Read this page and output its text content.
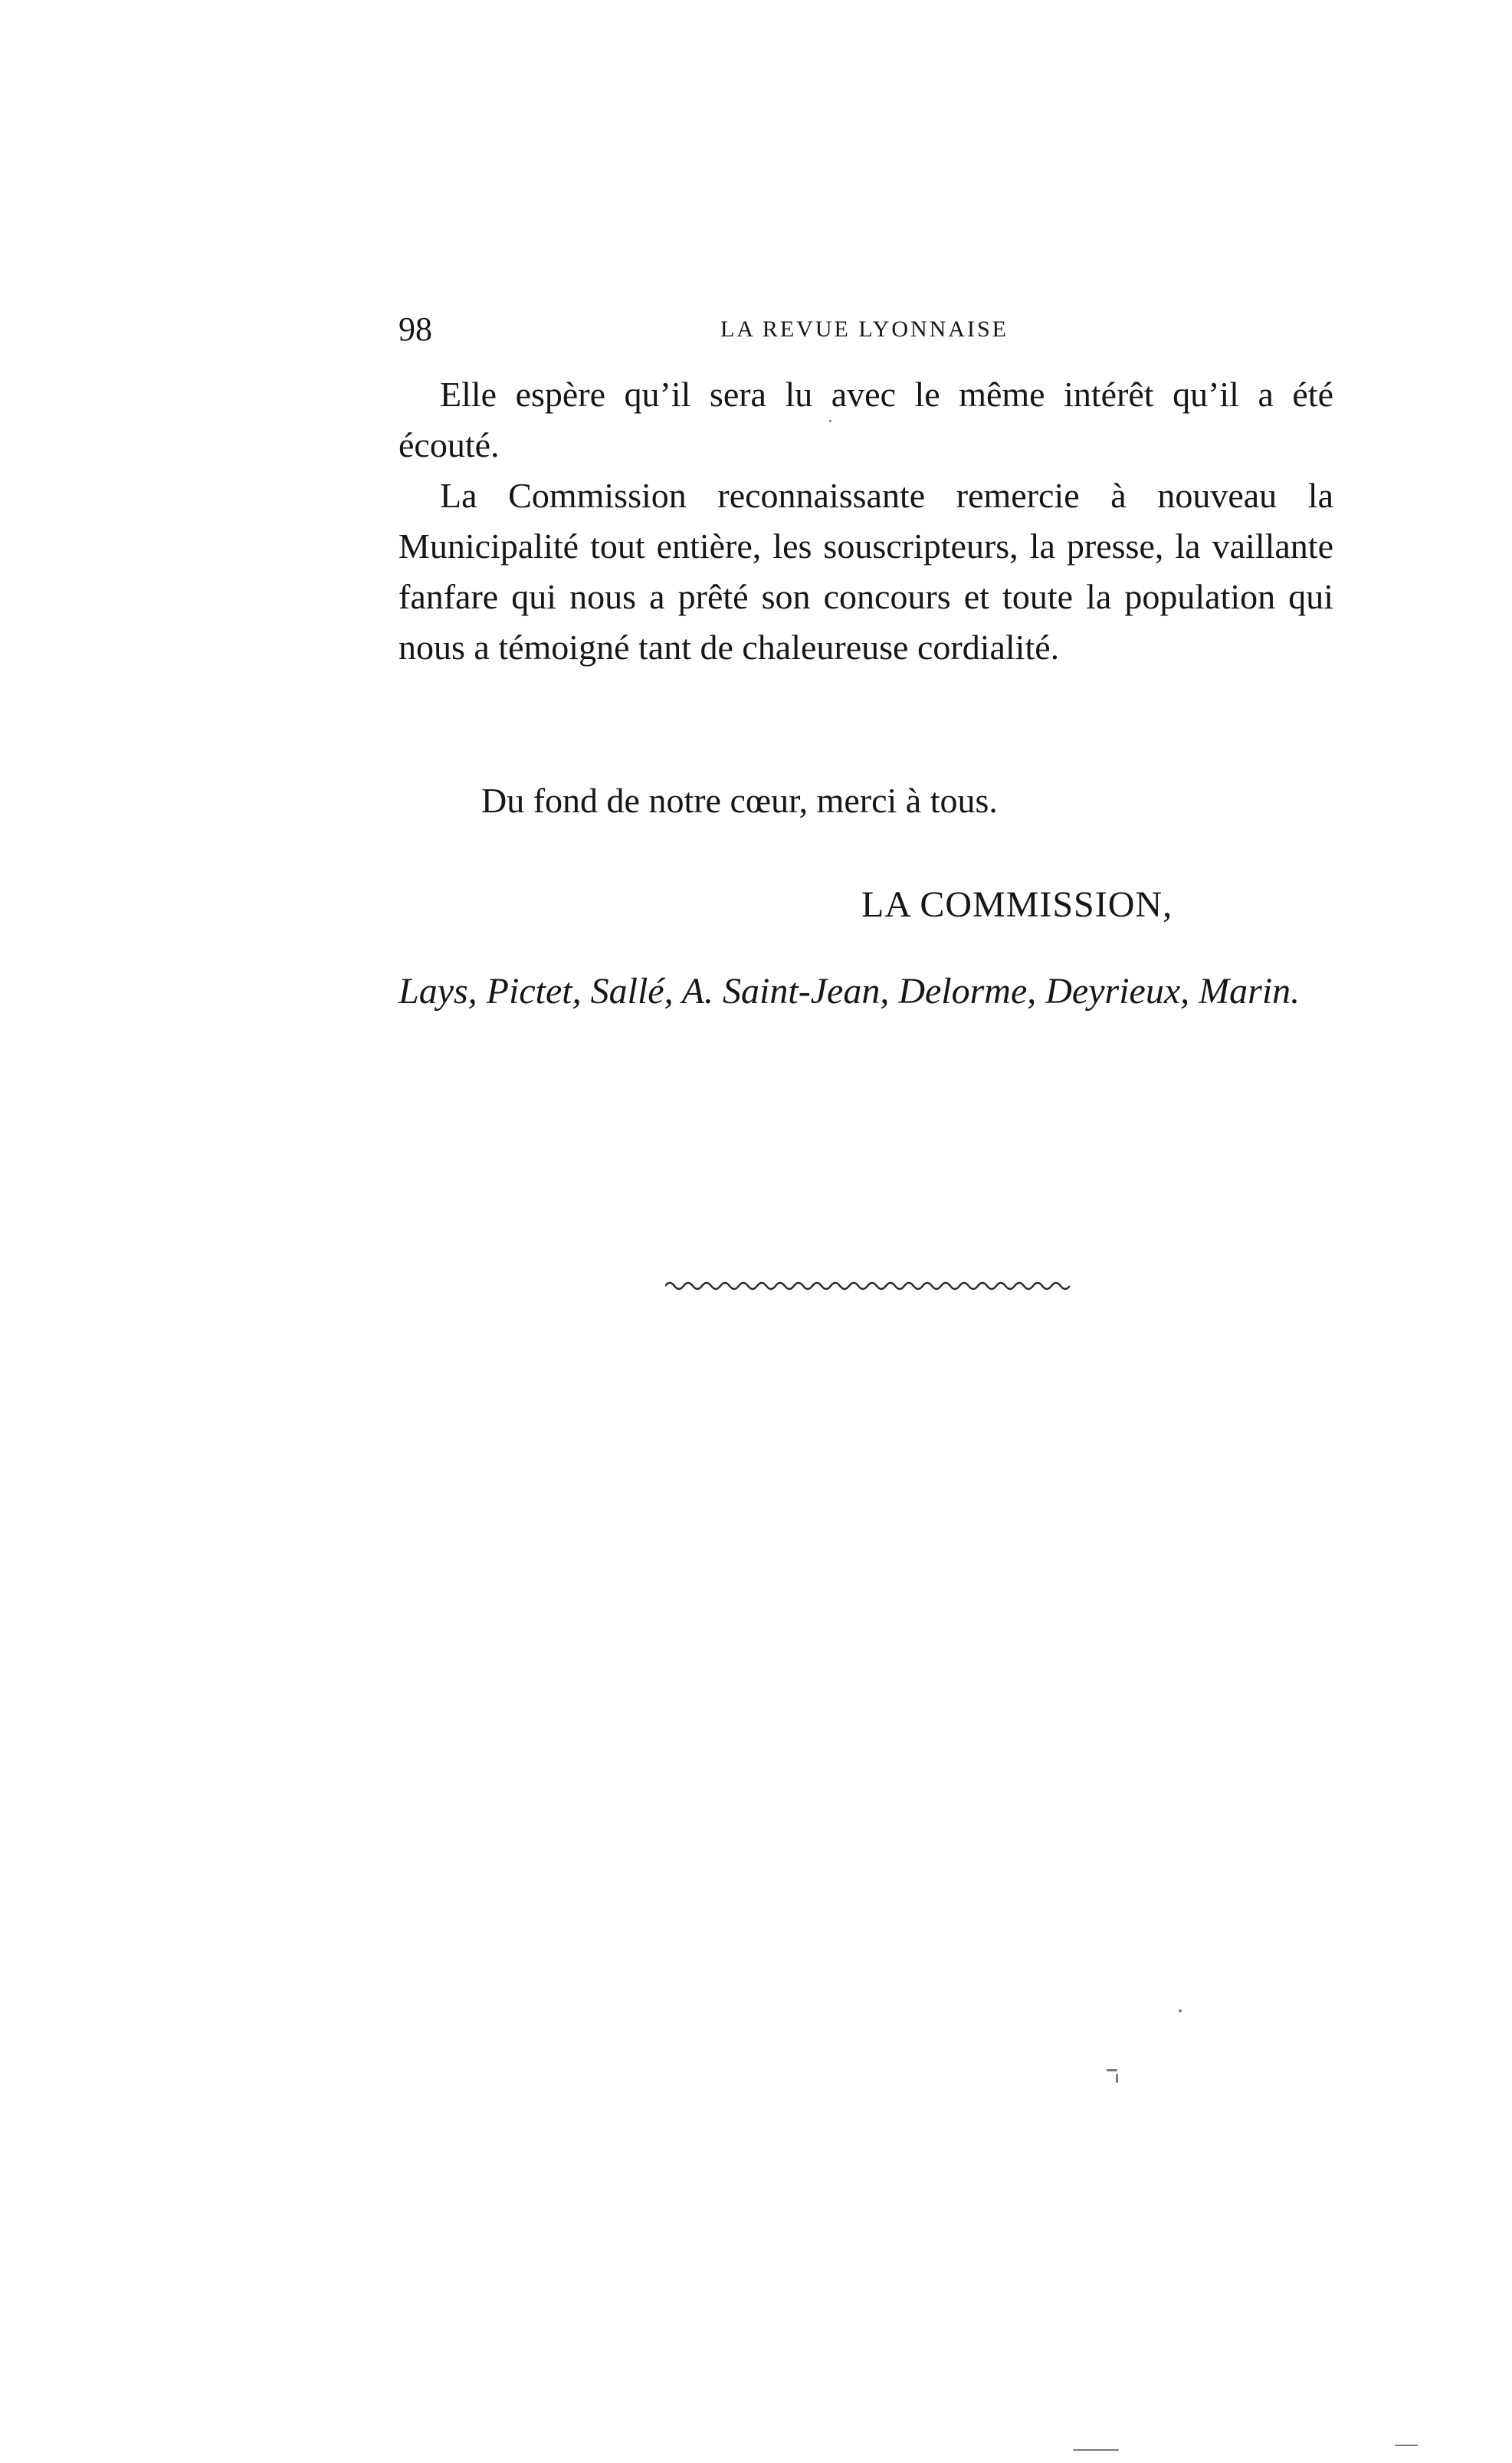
98	LA REVUE LYONNAISE

Elle espère qu’il sera lu avec le même intérêt qu’il a été écouté.

La Commission reconnaissante remercie à nouveau la Municipalité tout entière, les souscripteurs, la presse, la vaillante fanfare qui nous a prêté son concours et toute la population qui nous a témoigné tant de chaleureuse cordialité.

Du fond de notre cœur, merci à tous.

LA COMMISSION,

Lays, Pictet, Sallé, A. Saint-Jean, Delorme, Deyrieux, Marin.
